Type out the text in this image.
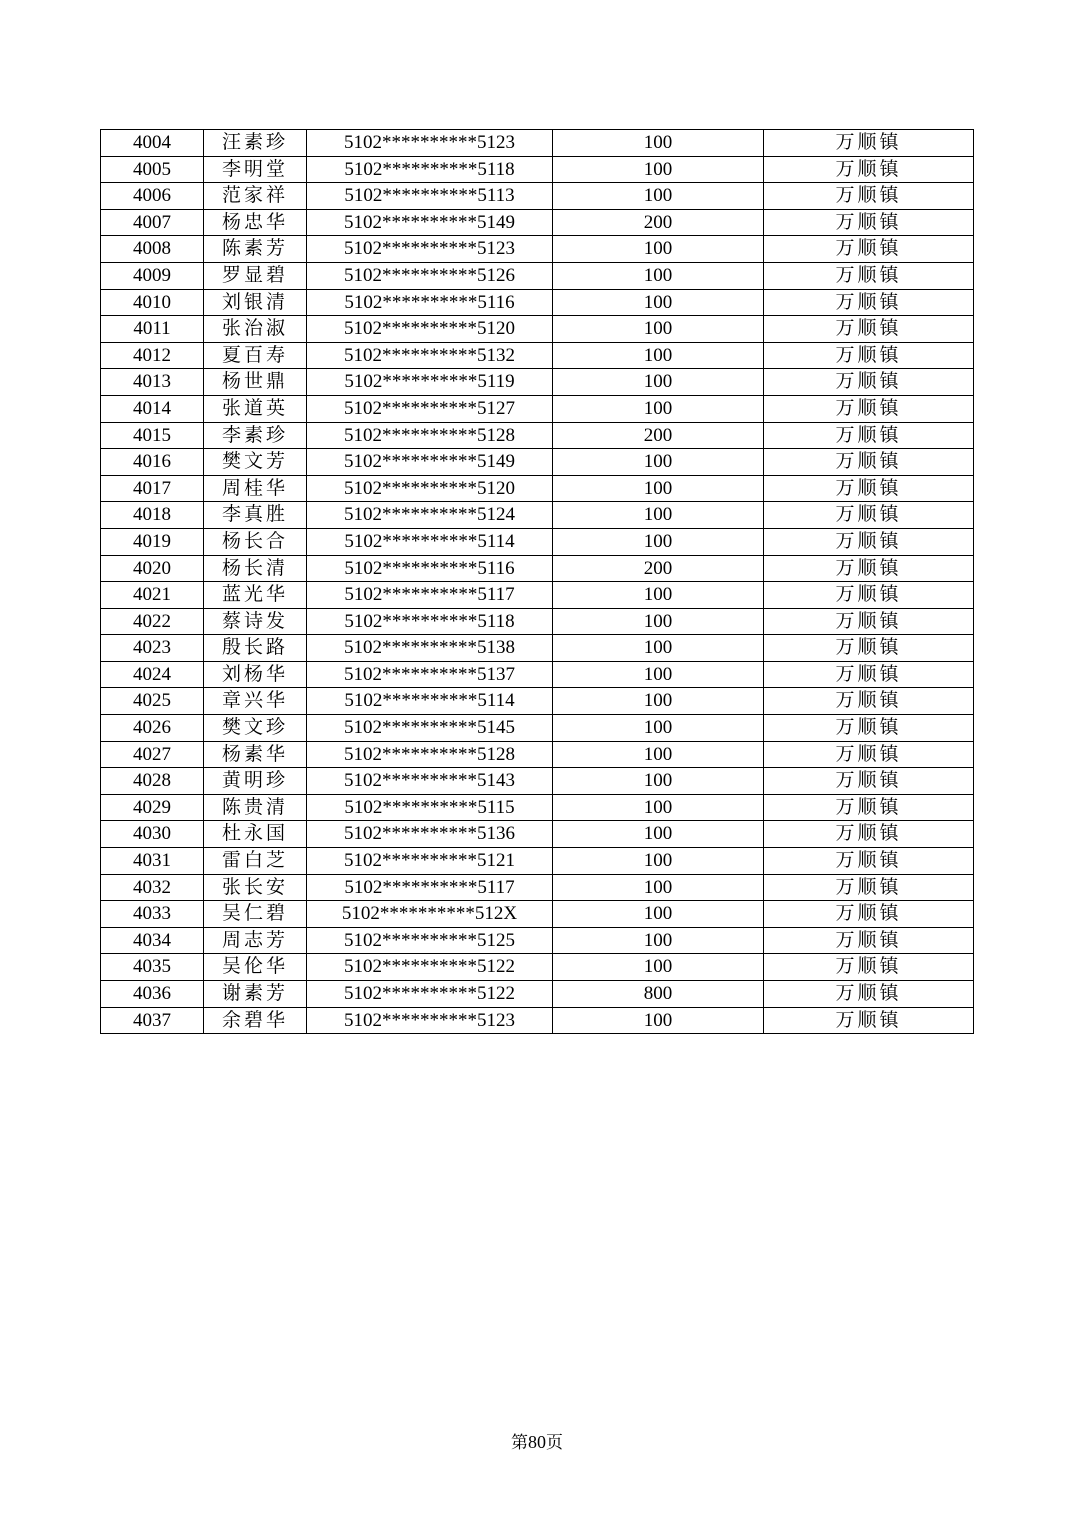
4004	汪素珍	5102**********5123	100	万顺镇
4005	李明堂	5102**********5118	100	万顺镇
4006	范家祥	5102**********5113	100	万顺镇
4007	杨忠华	5102**********5149	200	万顺镇
4008	陈素芳	5102**********5123	100	万顺镇
4009	罗显碧	5102**********5126	100	万顺镇
4010	刘银清	5102**********5116	100	万顺镇
4011	张治淑	5102**********5120	100	万顺镇
4012	夏百寿	5102**********5132	100	万顺镇
4013	杨世鼎	5102**********5119	100	万顺镇
4014	张道英	5102**********5127	100	万顺镇
4015	李素珍	5102**********5128	200	万顺镇
4016	樊文芳	5102**********5149	100	万顺镇
4017	周桂华	5102**********5120	100	万顺镇
4018	李真胜	5102**********5124	100	万顺镇
4019	杨长合	5102**********5114	100	万顺镇
4020	杨长清	5102**********5116	200	万顺镇
4021	蓝光华	5102**********5117	100	万顺镇
4022	蔡诗发	5102**********5118	100	万顺镇
4023	殷长路	5102**********5138	100	万顺镇
4024	刘杨华	5102**********5137	100	万顺镇
4025	章兴华	5102**********5114	100	万顺镇
4026	樊文珍	5102**********5145	100	万顺镇
4027	杨素华	5102**********5128	100	万顺镇
4028	黄明珍	5102**********5143	100	万顺镇
4029	陈贵清	5102**********5115	100	万顺镇
4030	杜永国	5102**********5136	100	万顺镇
4031	雷白芝	5102**********5121	100	万顺镇
4032	张长安	5102**********5117	100	万顺镇
4033	吴仁碧	5102**********512X	100	万顺镇
4034	周志芳	5102**********5125	100	万顺镇
4035	吴伦华	5102**********5122	100	万顺镇
4036	谢素芳	5102**********5122	800	万顺镇
4037	余碧华	5102**********5123	100	万顺镇
第80页
